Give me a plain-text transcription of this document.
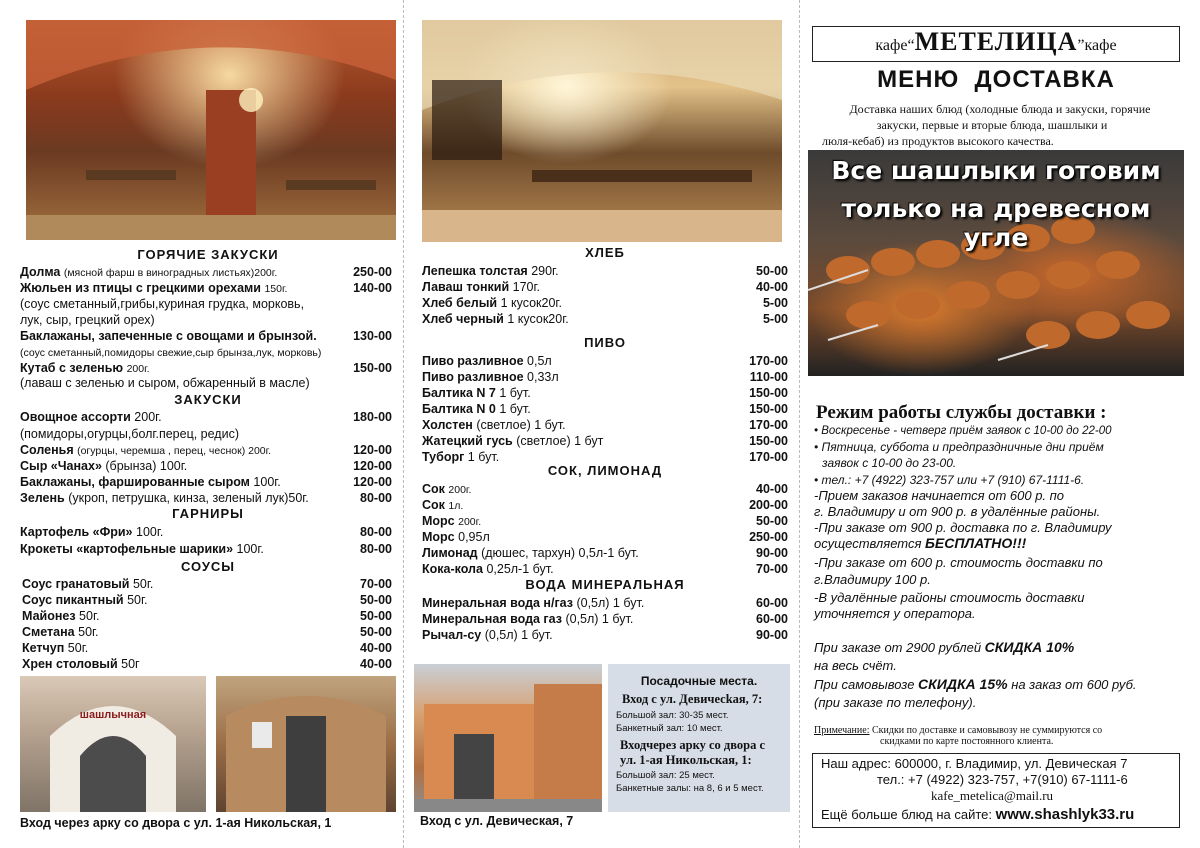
ГОРЯЧИЕ ЗАКУСКИ
Долма (мясной фарш в виноградных листьях)200г.	250-00
Жюльен из птицы с грецкими орехами 150г.	140-00
(соус сметанный,грибы,куриная грудка, морковь,
лук, сыр, грецкий орех)
Баклажаны, запеченные с овощами и брынзой.	130-00
(соус сметанный,помидоры свежие,сыр брынза,лук, морковь)
Кутаб с зеленью 200г.	150-00
(лаваш с зеленью и сыром, обжаренный в масле)
ЗАКУСКИ
Овощное ассорти 200г.	180-00
(помидоры,огурцы,болг.перец, редис)
Соленья (огурцы, черемша , перец, чеснок) 200г.	120-00
Сыр «Чанах» (брынза) 100г.	120-00
Баклажаны, фаршированные сыром 100г.	120-00
Зелень (укроп, петрушка, кинза, зеленый лук)50г.	80-00
ГАРНИРЫ
Картофель «Фри» 100г.	80-00
Крокеты «картофельные шарики» 100г.	80-00
СОУСЫ
Соус гранатовый 50г.	70-00
Соус пикантный 50г.	50-00
Майонез 50г.	50-00
Сметана 50г.	50-00
Кетчуп 50г.	40-00
Хрен столовый 50г	40-00
шашлычная
Вход через арку со двора с ул. 1-ая Никольская, 1
ХЛЕБ
Лепешка толстая 290г.	50-00
Лаваш тонкий 170г.	40-00
Хлеб белый 1 кусок20г.	5-00
Хлеб черный 1 кусок20г.	5-00
ПИВО
Пиво разливное 0,5л	170-00
Пиво разливное 0,33л	110-00
Балтика N 7 1 бут.	150-00
Балтика N 0 1 бут.	150-00
Холстен (светлое) 1 бут.	170-00
Жатецкий гусь (светлое) 1 бут	150-00
Туборг 1 бут.	170-00
СОК, ЛИМОНАД
Сок 200г.	40-00
Сок 1л.	200-00
Морс 200г.	50-00
Морс 0,95л	250-00
Лимонад (дюшес, тархун) 0,5л-1 бут.	90-00
Кока-кола 0,25л-1 бут.	70-00
ВОДА МИНЕРАЛЬНАЯ
Минеральная вода н/газ (0,5л) 1 бут.	60-00
Минеральная вода газ (0,5л) 1 бут.	60-00
Рычал-су (0,5л) 1 бут.	90-00
Посадочные места.
Вход с ул. Девичесkая, 7:
Большой зал: 30-35 мест.
Банкетный зал: 10 мест.
Входчерез арку со двора с
ул. 1-ая Никольская, 1:
Большой зал: 25 мест.
Банкетные залы: на 8, 6 и 5 мест.
Вход с ул. Девическая, 7
кафе“МЕТЕЛИЦА”кафе
МЕНЮ  ДОСТАВКА
Доставка наших блюд (холодные блюда и закуски, горячие
закуски, первые и вторые блюда, шашлыки и
люля-кебаб) из продуктов высокого качества.
Все шашлыки готовим
только на древесном угле
Режим работы службы доставки :
• Воскресенье - четверг приём заявок с 10-00 до 22-00
• Пятница, суббота и предпраздничные дни приём
заявок с 10-00 до 23-00.
• тел.: +7 (4922) 323-757 или +7 (910) 67-1111-6.
-Прием заказов начинается от 600 р. по
г. Владимиру и от 900 р. в удалённые районы.
-При заказе от 900 р. доставка по г. Владимиру
осуществляется БЕСПЛАТНО!!!
-При заказе от 600 р. стоимость доставки по
г.Владимиру 100 р.
-В удалённые районы стоимость доставки
уточняется у оператора.
При заказе от 2900 рублей СКИДКА 10%
на весь счёт.
При самовывозе СКИДКА 15% на заказ от 600 руб.
(при заказе по телефону).
Примечание: Скидки по доставке и самовывозу не суммируются со
скидками по карте постоянного клиента.
Наш адрес: 600000, г. Владимир, ул. Девическая 7
тел.: +7 (4922) 323-757, +7(910) 67-1111-6
kafe_metelica@mail.ru
Ещё больше блюд на сайте: www.shashlyk33.ru
